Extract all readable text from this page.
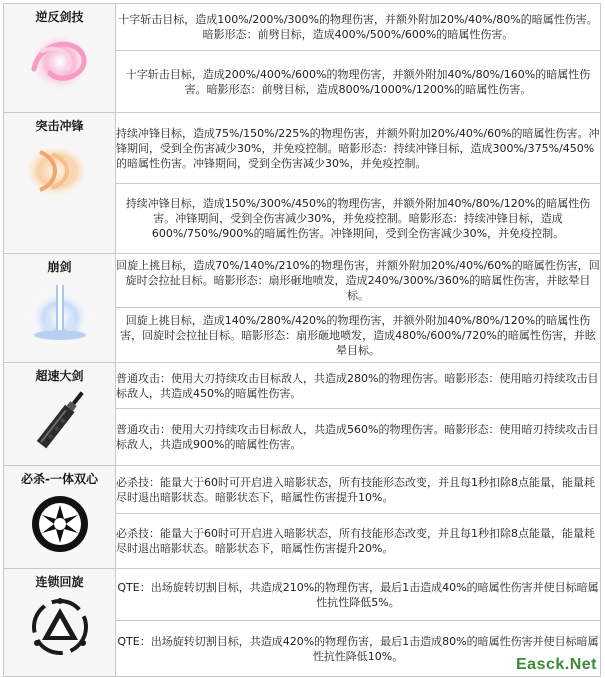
逆反剑技	十字斩击目标，造成100%/200%/300%的物理伤害，并额外附加20%/40%/80%的暗属性伤害。暗影形态：前劈目标，造成400%/500%/600%的暗属性伤害。
	十字斩击目标，造成200%/400%/600%的物理伤害，并额外附加40%/80%/160%的暗属性伤害。暗影形态：前劈目标，造成800%/1000%/1200%的暗属性伤害。

突击冲锋	持续冲锋目标，造成75%/150%/225%的物理伤害，并额外附加20%/40%/60%的暗属性伤害。冲锋期间，受到全伤害减少30%，并免疫控制。暗影形态：持续冲锋目标，造成300%/375%/450%的暗属性伤害。冲锋期间，受到全伤害减少30%，并免疫控制。
	持续冲锋目标，造成150%/300%/450%的物理伤害，并额外附加40%/80%/120%的暗属性伤害。冲锋期间，受到全伤害减少30%，并免疫控制。暗影形态：持续冲锋目标，造成600%/750%/900%的暗属性伤害。冲锋期间，受到全伤害减少30%，并免疫控制。

崩剑	回旋上挑目标，造成70%/140%/210%的物理伤害，并额外附加20%/40%/60%的暗属性伤害，回旋时会拉扯目标。暗影形态：扇形砸地喷发，造成240%/300%/360%的暗属性伤害，并眩晕目标。
	回旋上挑目标，造成140%/280%/420%的物理伤害，并额外附加40%/80%/120%的暗属性伤害，回旋时会拉扯目标。暗影形态：扇形砸地喷发，造成480%/600%/720%的暗属性伤害，并眩晕目标。

超速大剑	普通攻击：使用大刃持续攻击目标敌人，共造成280%的物理伤害。暗影形态：使用暗刃持续攻击目标敌人，共造成450%的暗属性伤害。
	普通攻击：使用大刃持续攻击目标敌人，共造成560%的物理伤害。暗影形态：使用暗刃持续攻击目标敌人，共造成900%的暗属性伤害。

必杀-一体双心	必杀技：能量大于60时可开启进入暗影状态，所有技能形态改变，并且每1秒扣除8点能量，能量耗尽时退出暗影状态。暗影状态下，暗属性伤害提升10%。
	必杀技：能量大于60时可开启进入暗影状态，所有技能形态改变，并且每1秒扣除8点能量，能量耗尽时退出暗影状态。暗影状态下，暗属性伤害提升20%。

连锁回旋	QTE：出场旋转切割目标，共造成210%的物理伤害，最后1击造成40%的暗属性伤害并使目标暗属性抗性降低5%。
	QTE：出场旋转切割目标，共造成420%的物理伤害，最后1击造成80%的暗属性伤害并使目标暗属性抗性降低10%。	Easck.Net
